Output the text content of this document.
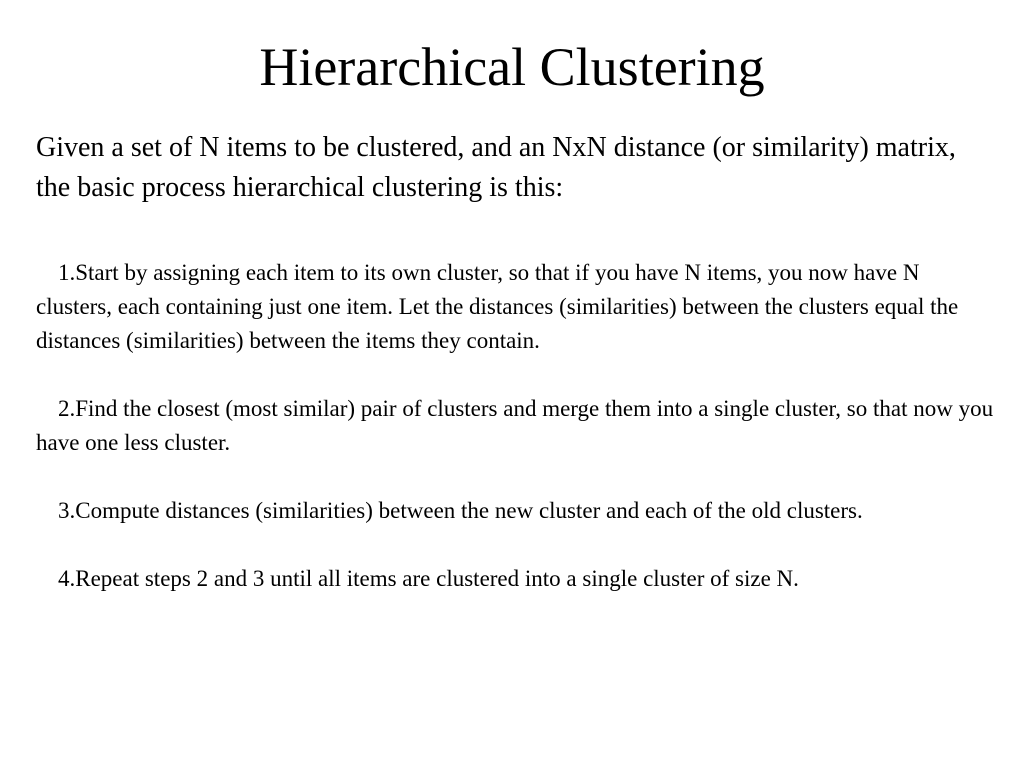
Hierarchical Clustering

Given a set of N items to be clustered, and an NxN distance (or similarity) matrix, the basic process hierarchical clustering is this:

1.Start by assigning each item to its own cluster, so that if you have N items, you now have N clusters, each containing just one item. Let the distances (similarities) between the clusters equal the distances (similarities) between the items they contain.
2.Find the closest (most similar) pair of clusters and merge them into a single cluster, so that now you have one less cluster.
3.Compute distances (similarities) between the new cluster and each of the old clusters.
4.Repeat steps 2 and 3 until all items are clustered into a single cluster of size N.
